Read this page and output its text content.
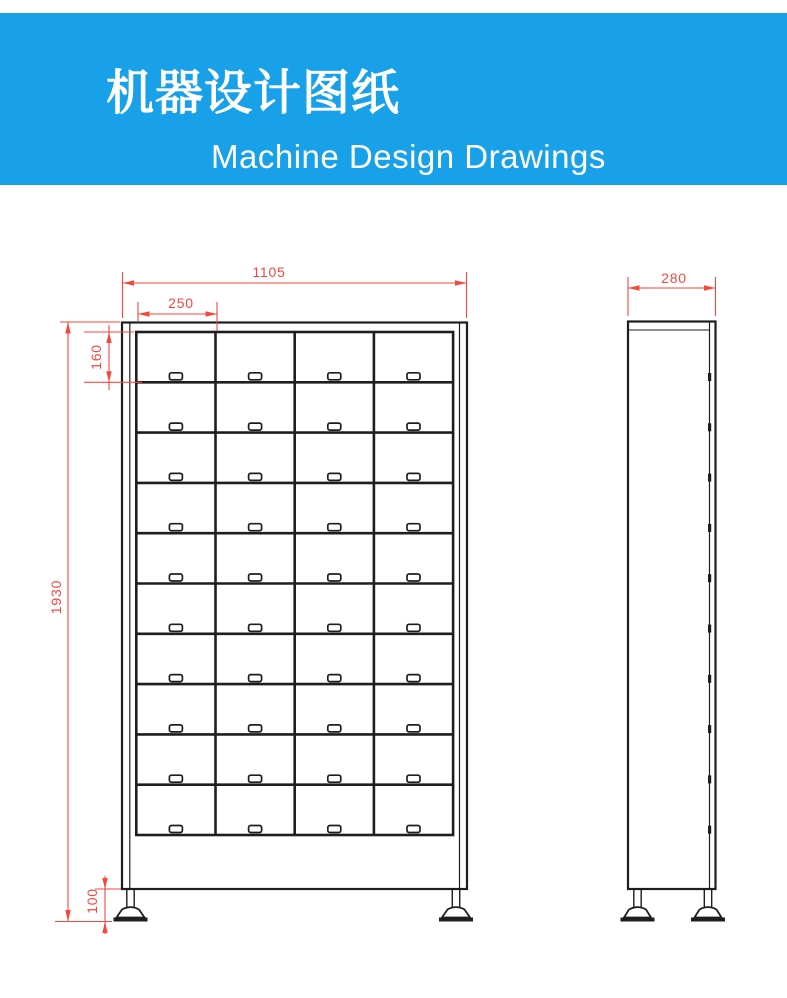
1105
250
160
1930
100
280
机器设计图纸
Machine Design Drawings
